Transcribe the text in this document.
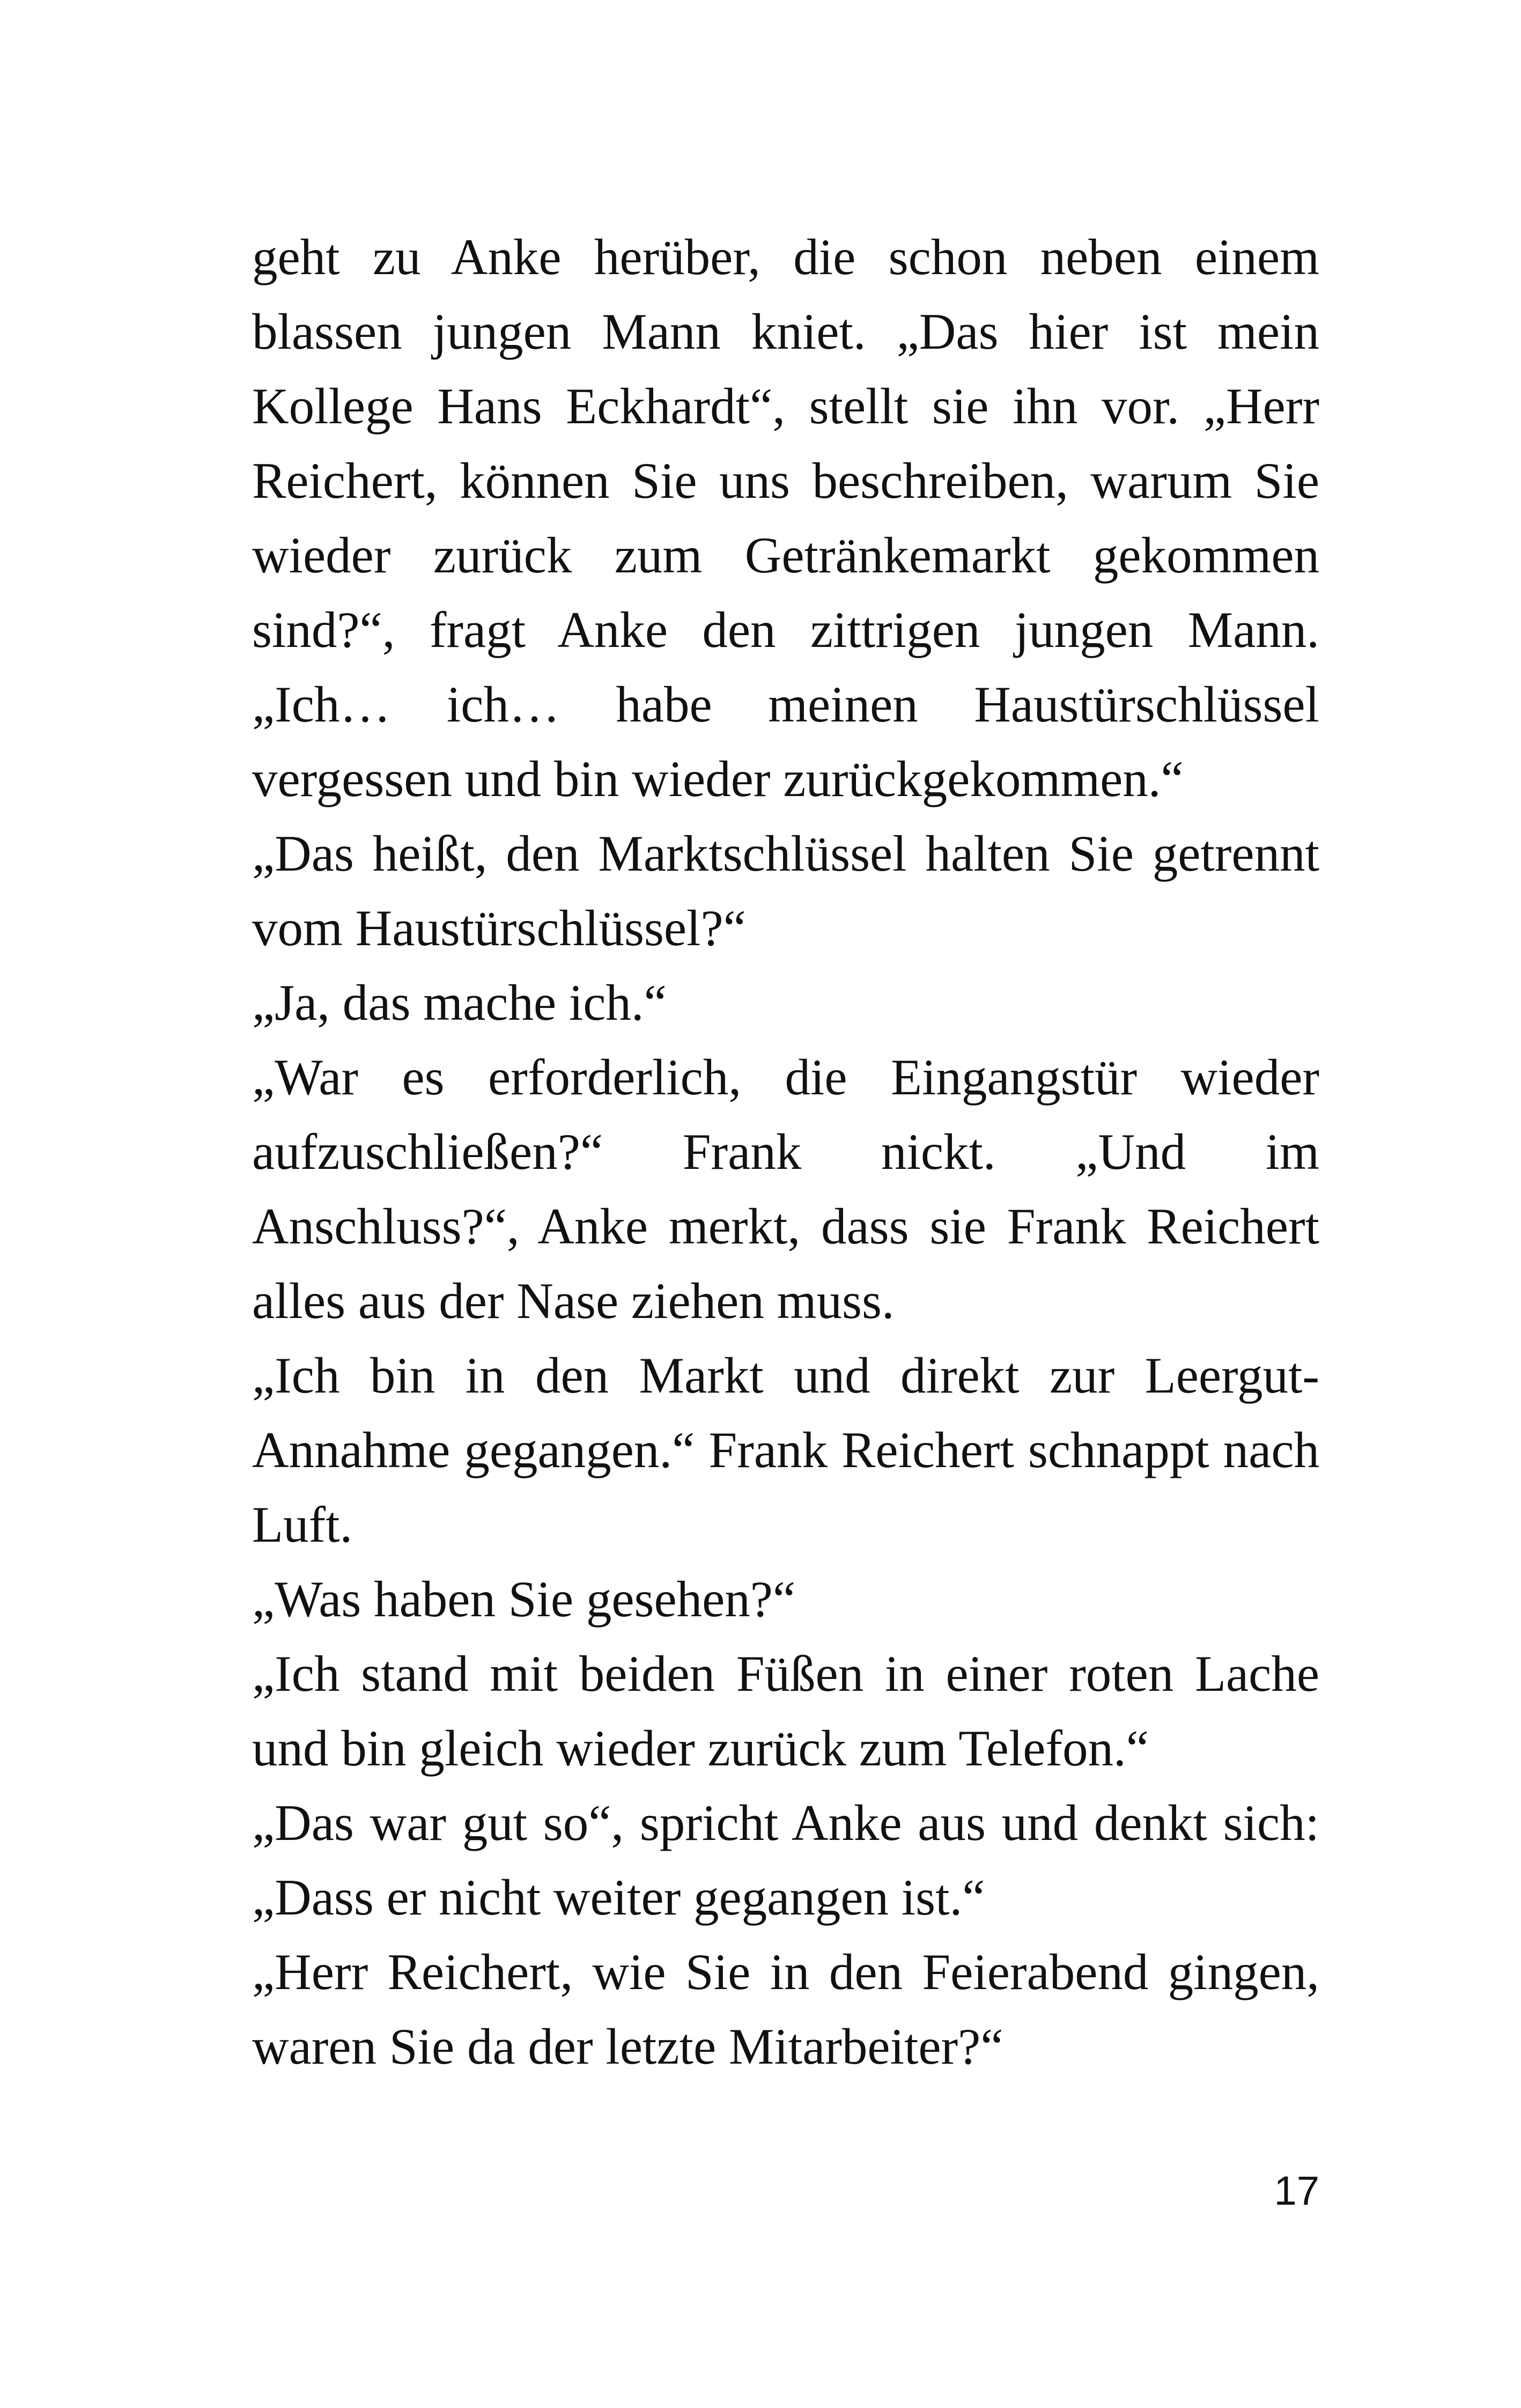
geht zu Anke herüber, die schon neben einem blassen jungen Mann kniet. „Das hier ist mein Kollege Hans Eckhardt“, stellt sie ihn vor. „Herr Reichert, können Sie uns beschreiben, warum Sie wieder zurück zum Getränkemarkt gekommen sind?“, fragt Anke den zittrigen jungen Mann. „Ich… ich… habe meinen Haustürschlüssel vergessen und bin wieder zurückgekommen.“

„Das heißt, den Marktschlüssel halten Sie getrennt vom Haustürschlüssel?“

„Ja, das mache ich.“

„War es erforderlich, die Eingangstür wieder aufzuschließen?“ Frank nickt. „Und im Anschluss?“, Anke merkt, dass sie Frank Reichert alles aus der Nase ziehen muss.

„Ich bin in den Markt und direkt zur Leergut-Annahme gegangen.“ Frank Reichert schnappt nach Luft.

„Was haben Sie gesehen?“

„Ich stand mit beiden Füßen in einer roten Lache und bin gleich wieder zurück zum Telefon.“

„Das war gut so“, spricht Anke aus und denkt sich: „Dass er nicht weiter gegangen ist.“

„Herr Reichert, wie Sie in den Feierabend gingen, waren Sie da der letzte Mitarbeiter?“

17
